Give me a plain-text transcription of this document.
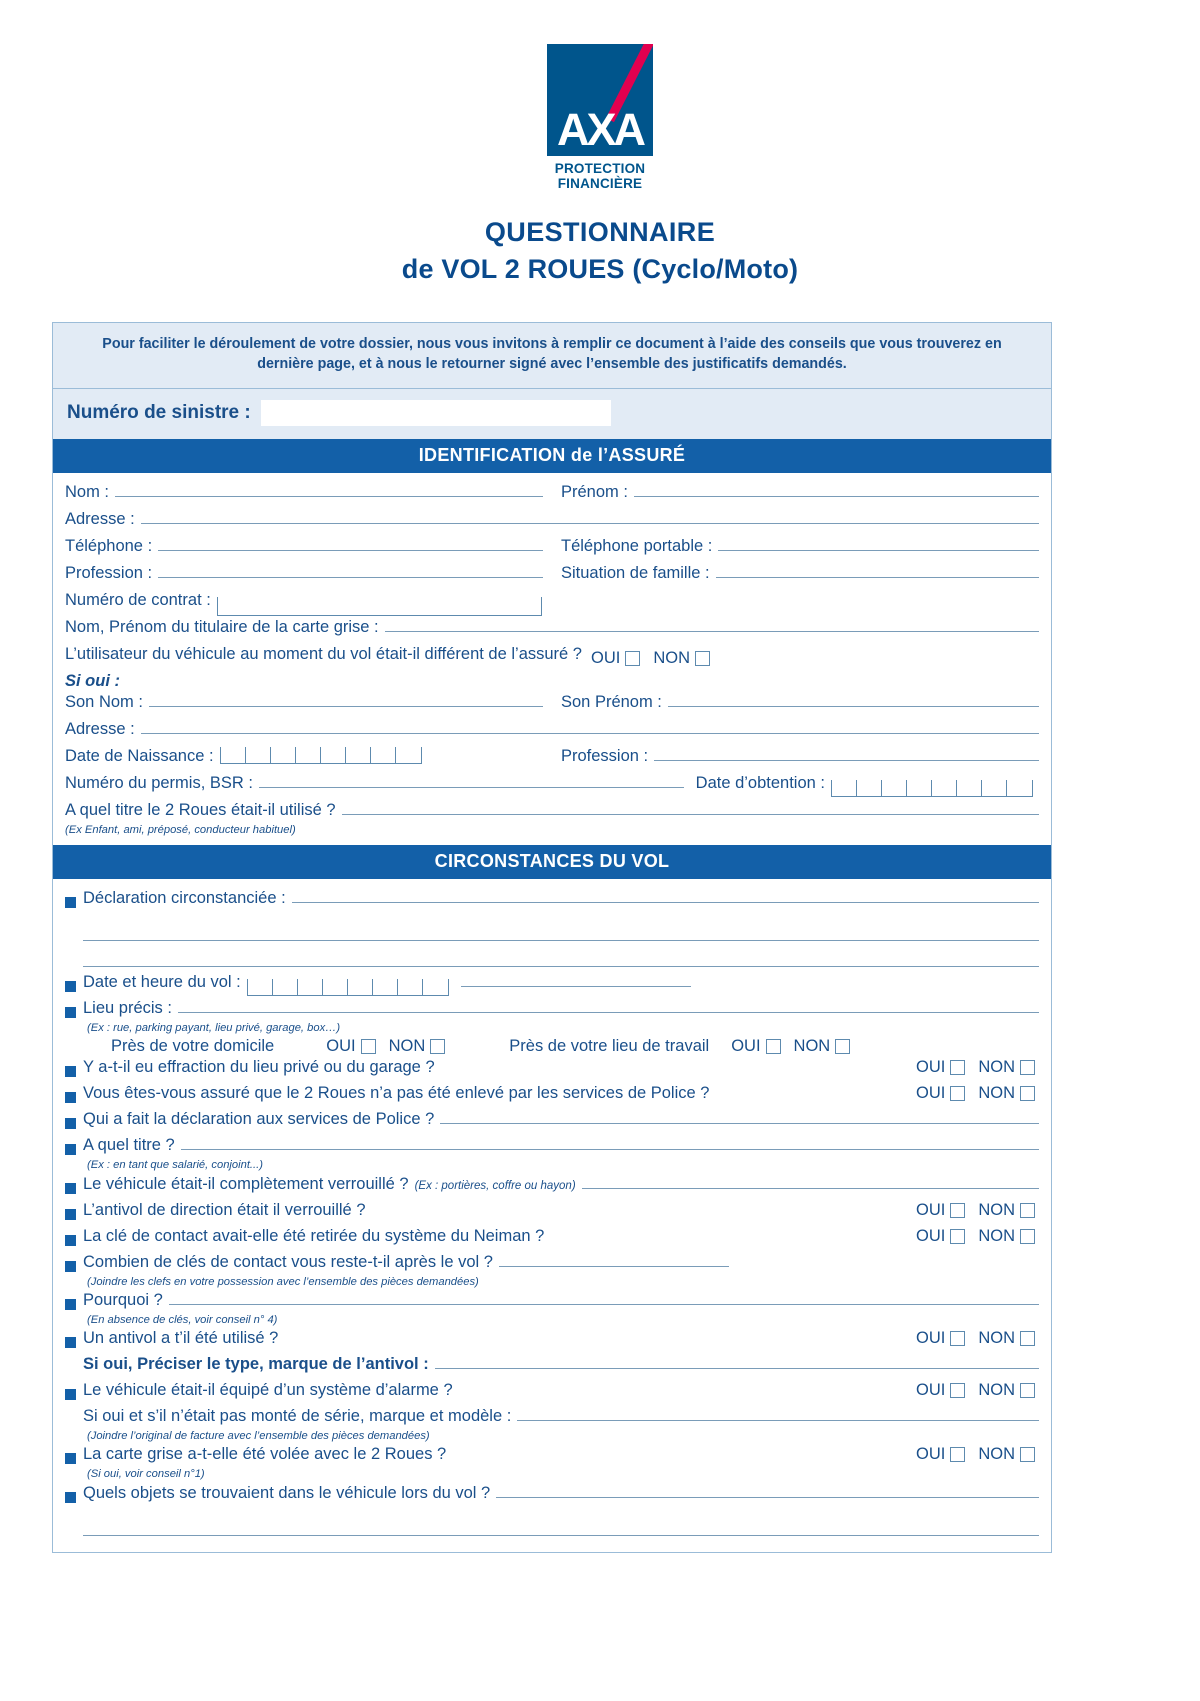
AXA
PROTECTION
FINANCIÈRE
QUESTIONNAIRE
de VOL 2 ROUES (Cyclo/Moto)
Pour faciliter le déroulement de votre dossier, nous vous invitons à remplir ce document à l’aide des conseils que vous trouverez en dernière page, et à nous le retourner signé avec l’ensemble des justificatifs demandés.
Numéro de sinistre :
IDENTIFICATION de l’ASSURÉ
Nom :	Prénom :
Adresse :
Téléphone :	Téléphone portable :
Profession :	Situation de famille :
Numéro de contrat :
Nom, Prénom du titulaire de la carte grise :
L’utilisateur du véhicule au moment du vol était-il différent de l’assuré ? OUI NON
Si oui :
Son Nom :	Son Prénom :
Adresse :
Date de Naissance :	Profession :
Numéro du permis, BSR :	Date d’obtention :
A quel titre le 2 Roues était-il utilisé ?
(Ex Enfant, ami, préposé, conducteur habituel)
CIRCONSTANCES DU VOL
Déclaration circonstanciée :
Date et heure du vol :
Lieu précis :
(Ex : rue, parking payant, lieu privé, garage, box…)
Près de votre domicile	OUI NON	Près de votre lieu de travail OUI NON
Y a-t-il eu effraction du lieu privé ou du garage ?	OUI NON
Vous êtes-vous assuré que le 2 Roues n’a pas été enlevé par les services de Police ?	OUI NON
Qui a fait la déclaration aux services de Police ?
A quel titre ?
(Ex : en tant que salarié, conjoint...)
Le véhicule était-il complètement verrouillé ? (Ex : portières, coffre ou hayon)
L’antivol de direction était il verrouillé ?	OUI NON
La clé de contact avait-elle été retirée du système du Neiman ?	OUI NON
Combien de clés de contact vous reste-t-il après le vol ?
(Joindre les clefs en votre possession avec l’ensemble des pièces demandées)
Pourquoi ?
(En absence de clés, voir conseil n° 4)
Un antivol a t’il été utilisé ?	OUI NON
Si oui, Préciser le type, marque de l’antivol :
Le véhicule était-il équipé d’un système d’alarme ?	OUI NON
Si oui et s’il n’était pas monté de série, marque et modèle :
(Joindre l’original de facture avec l’ensemble des pièces demandées)
La carte grise a-t-elle été volée avec le 2 Roues ?	OUI NON
(Si oui, voir conseil n°1)
Quels objets se trouvaient dans le véhicule lors du vol ?
